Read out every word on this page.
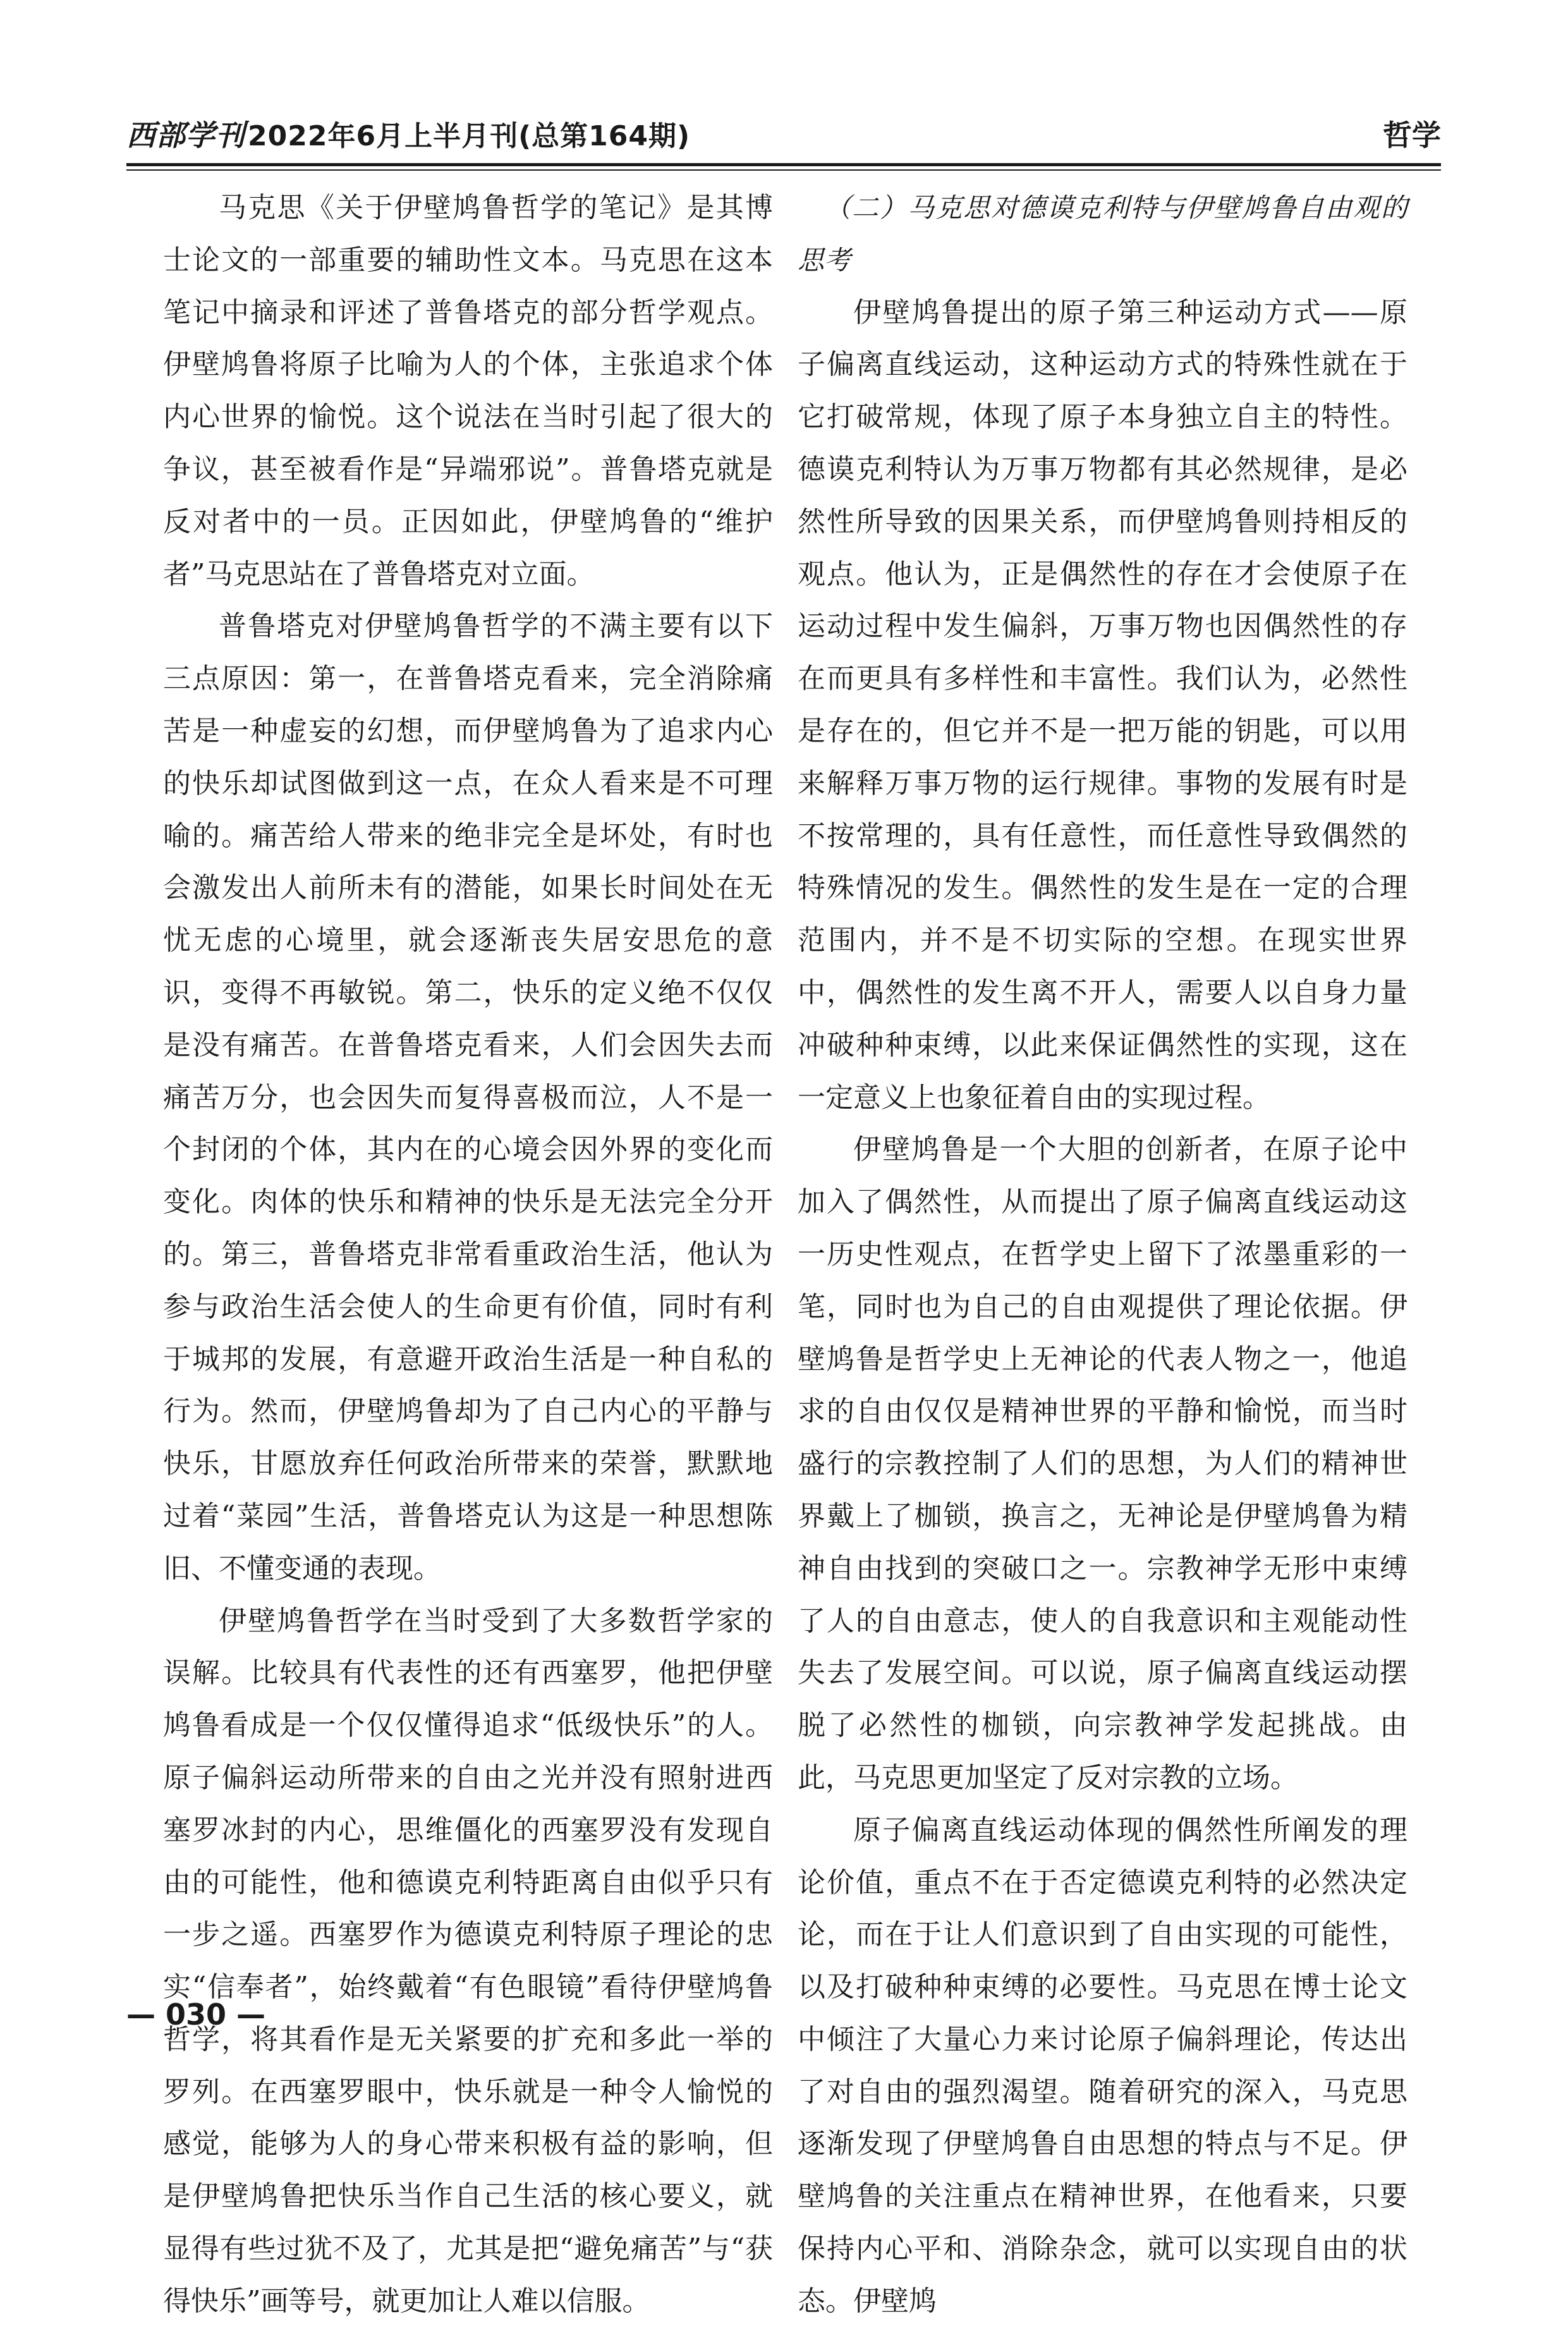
西部学刊2022年6月上半月刊(总第164期)	哲学

马克思《关于伊壁鸠鲁哲学的笔记》是其博士论文的一部重要的辅助性文本。马克思在这本笔记中摘录和评述了普鲁塔克的部分哲学观点。伊壁鸠鲁将原子比喻为人的个体，主张追求个体内心世界的愉悦。这个说法在当时引起了很大的争议，甚至被看作是“异端邪说”。普鲁塔克就是反对者中的一员。正因如此，伊壁鸠鲁的“维护者”马克思站在了普鲁塔克对立面。

普鲁塔克对伊壁鸠鲁哲学的不满主要有以下三点原因：第一，在普鲁塔克看来，完全消除痛苦是一种虚妄的幻想，而伊壁鸠鲁为了追求内心的快乐却试图做到这一点，在众人看来是不可理喻的。痛苦给人带来的绝非完全是坏处，有时也会激发出人前所未有的潜能，如果长时间处在无忧无虑的心境里，就会逐渐丧失居安思危的意识，变得不再敏锐。第二，快乐的定义绝不仅仅是没有痛苦。在普鲁塔克看来，人们会因失去而痛苦万分，也会因失而复得喜极而泣，人不是一个封闭的个体，其内在的心境会因外界的变化而变化。肉体的快乐和精神的快乐是无法完全分开的。第三，普鲁塔克非常看重政治生活，他认为参与政治生活会使人的生命更有价值，同时有利于城邦的发展，有意避开政治生活是一种自私的行为。然而，伊壁鸠鲁却为了自己内心的平静与快乐，甘愿放弃任何政治所带来的荣誉，默默地过着“菜园”生活，普鲁塔克认为这是一种思想陈旧、不懂变通的表现。

伊壁鸠鲁哲学在当时受到了大多数哲学家的误解。比较具有代表性的还有西塞罗，他把伊壁鸠鲁看成是一个仅仅懂得追求“低级快乐”的人。原子偏斜运动所带来的自由之光并没有照射进西塞罗冰封的内心，思维僵化的西塞罗没有发现自由的可能性，他和德谟克利特距离自由似乎只有一步之遥。西塞罗作为德谟克利特原子理论的忠实“信奉者”，始终戴着“有色眼镜”看待伊壁鸠鲁哲学，将其看作是无关紧要的扩充和多此一举的罗列。在西塞罗眼中，快乐就是一种令人愉悦的感觉，能够为人的身心带来积极有益的影响，但是伊壁鸠鲁把快乐当作自己生活的核心要义，就显得有些过犹不及了，尤其是把“避免痛苦”与“获得快乐”画等号，就更加让人难以信服。

（二）马克思对德谟克利特与伊壁鸠鲁自由观的思考

伊壁鸠鲁提出的原子第三种运动方式——原子偏离直线运动，这种运动方式的特殊性就在于它打破常规，体现了原子本身独立自主的特性。德谟克利特认为万事万物都有其必然规律，是必然性所导致的因果关系，而伊壁鸠鲁则持相反的观点。他认为，正是偶然性的存在才会使原子在运动过程中发生偏斜，万事万物也因偶然性的存在而更具有多样性和丰富性。我们认为，必然性是存在的，但它并不是一把万能的钥匙，可以用来解释万事万物的运行规律。事物的发展有时是不按常理的，具有任意性，而任意性导致偶然的特殊情况的发生。偶然性的发生是在一定的合理范围内，并不是不切实际的空想。在现实世界中，偶然性的发生离不开人，需要人以自身力量冲破种种束缚，以此来保证偶然性的实现，这在一定意义上也象征着自由的实现过程。

伊壁鸠鲁是一个大胆的创新者，在原子论中加入了偶然性，从而提出了原子偏离直线运动这一历史性观点，在哲学史上留下了浓墨重彩的一笔，同时也为自己的自由观提供了理论依据。伊壁鸠鲁是哲学史上无神论的代表人物之一，他追求的自由仅仅是精神世界的平静和愉悦，而当时盛行的宗教控制了人们的思想，为人们的精神世界戴上了枷锁，换言之，无神论是伊壁鸠鲁为精神自由找到的突破口之一。宗教神学无形中束缚了人的自由意志，使人的自我意识和主观能动性失去了发展空间。可以说，原子偏离直线运动摆脱了必然性的枷锁，向宗教神学发起挑战。由此，马克思更加坚定了反对宗教的立场。

原子偏离直线运动体现的偶然性所阐发的理论价值，重点不在于否定德谟克利特的必然决定论，而在于让人们意识到了自由实现的可能性，以及打破种种束缚的必要性。马克思在博士论文中倾注了大量心力来讨论原子偏斜理论，传达出了对自由的强烈渴望。随着研究的深入，马克思逐渐发现了伊壁鸠鲁自由思想的特点与不足。伊壁鸠鲁的关注重点在精神世界，在他看来，只要保持内心平和、消除杂念，就可以实现自由的状态。伊壁鸠

— 030 —
